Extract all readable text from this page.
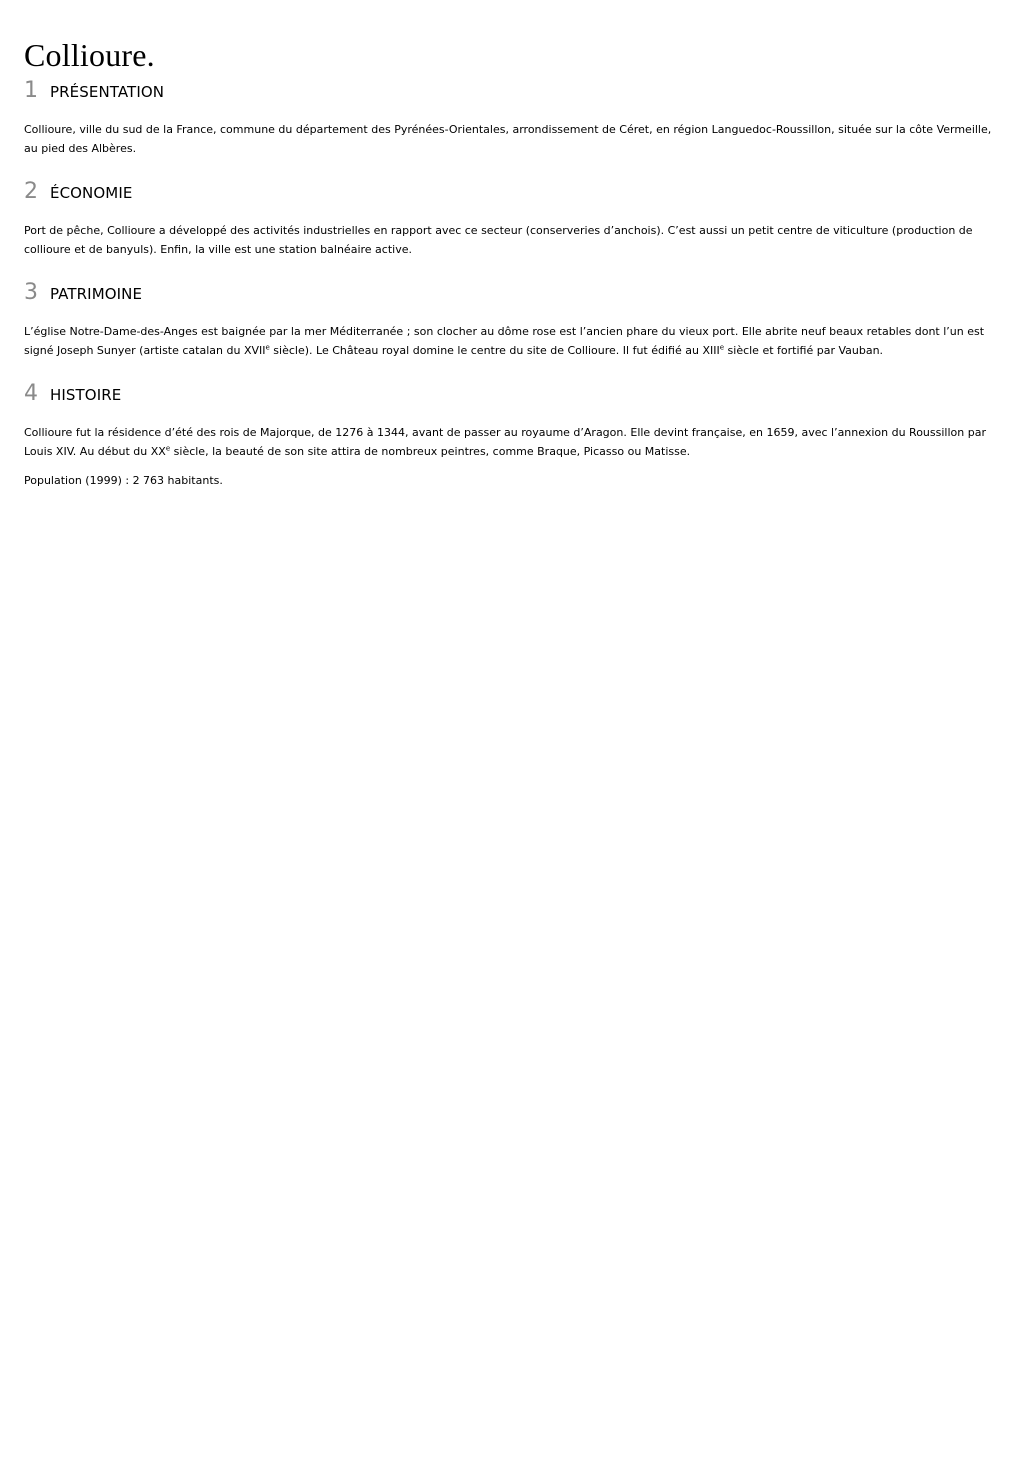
Collioure.
1 PRÉSENTATION

Collioure, ville du sud de la France, commune du département des Pyrénées-Orientales, arrondissement de Céret, en région Languedoc-Roussillon, située sur la côte Vermeille, au pied des Albères.

2 ÉCONOMIE

Port de pêche, Collioure a développé des activités industrielles en rapport avec ce secteur (conserveries d’anchois). C’est aussi un petit centre de viticulture (production de collioure et de banyuls). Enfin, la ville est une station balnéaire active.

3 PATRIMOINE

L’église Notre-Dame-des-Anges est baignée par la mer Méditerranée ; son clocher au dôme rose est l’ancien phare du vieux port. Elle abrite neuf beaux retables dont l’un est signé Joseph Sunyer (artiste catalan du XVIIe siècle). Le Château royal domine le centre du site de Collioure. Il fut édifié au XIIIe siècle et fortifié par Vauban.

4 HISTOIRE

Collioure fut la résidence d’été des rois de Majorque, de 1276 à 1344, avant de passer au royaume d’Aragon. Elle devint française, en 1659, avec l’annexion du Roussillon par Louis XIV. Au début du XXe siècle, la beauté de son site attira de nombreux peintres, comme Braque, Picasso ou Matisse.

Population (1999) : 2 763 habitants.
